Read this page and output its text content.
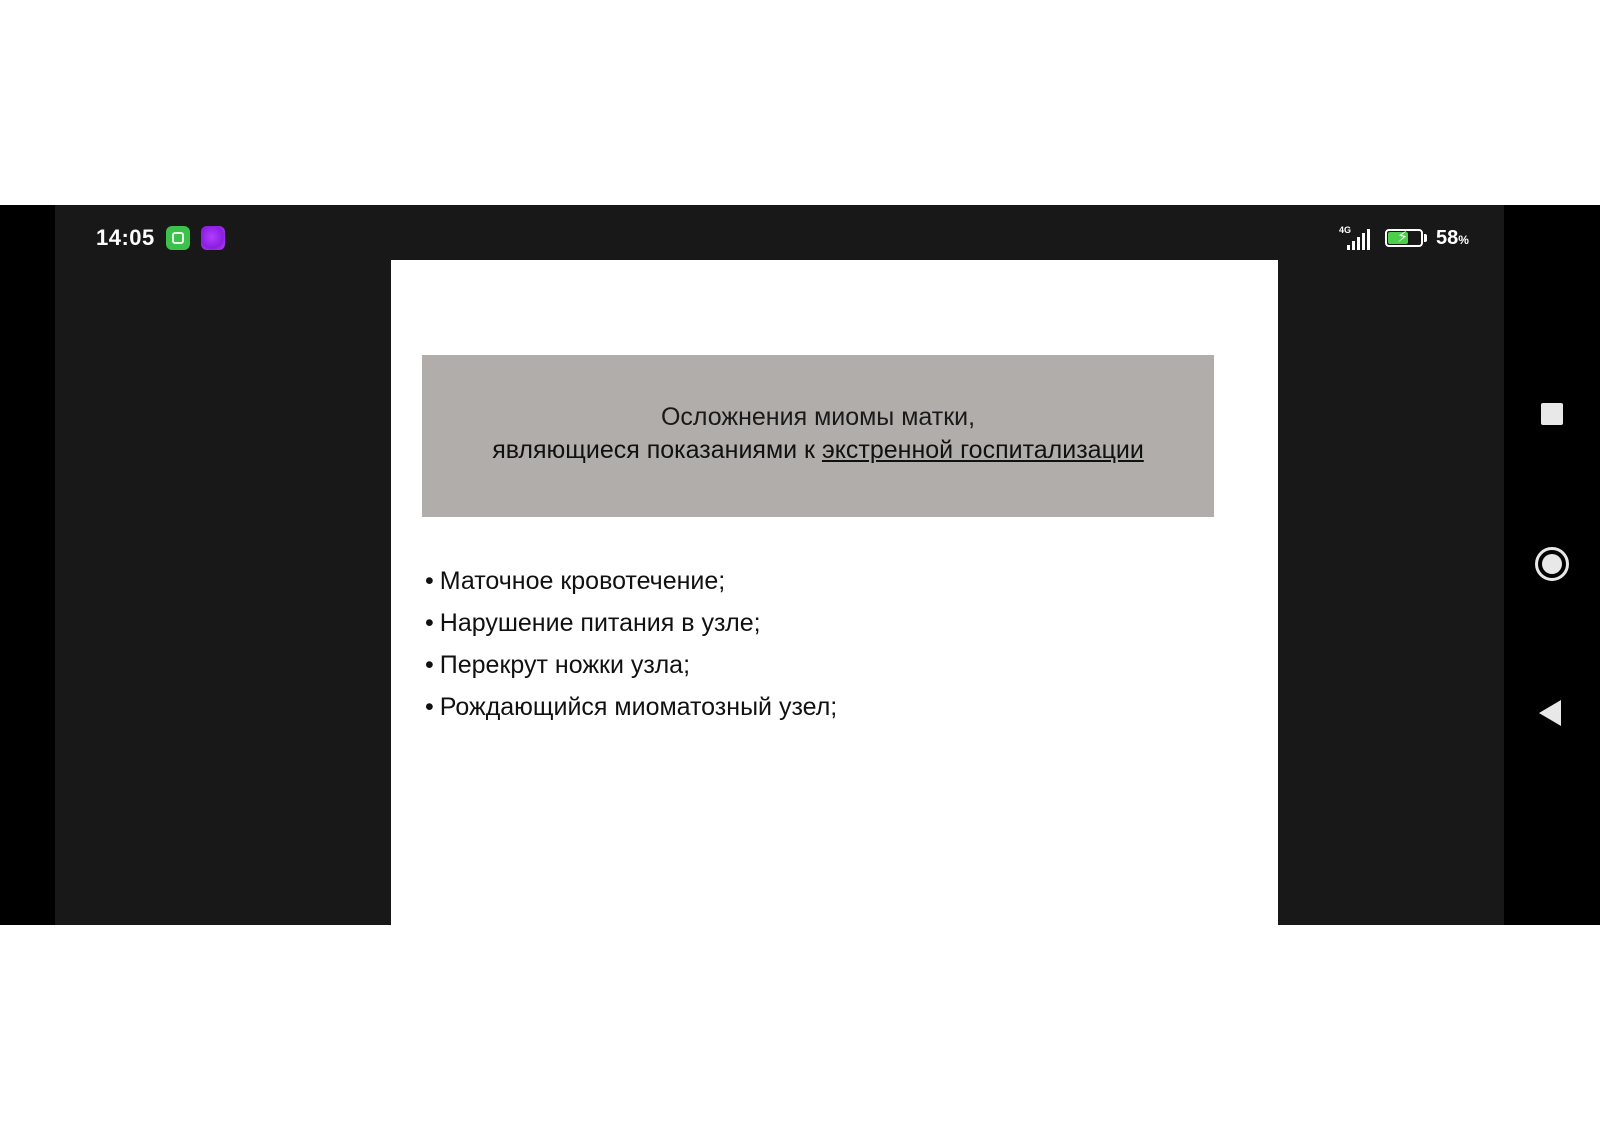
14:05	4G	⚡ 58%
Осложнения миомы матки,
являющиеся показаниями к экстренной госпитализации
• Маточное кровотечение;
• Нарушение питания в узле;
• Перекрут ножки узла;
• Рождающийся миоматозный узел;
